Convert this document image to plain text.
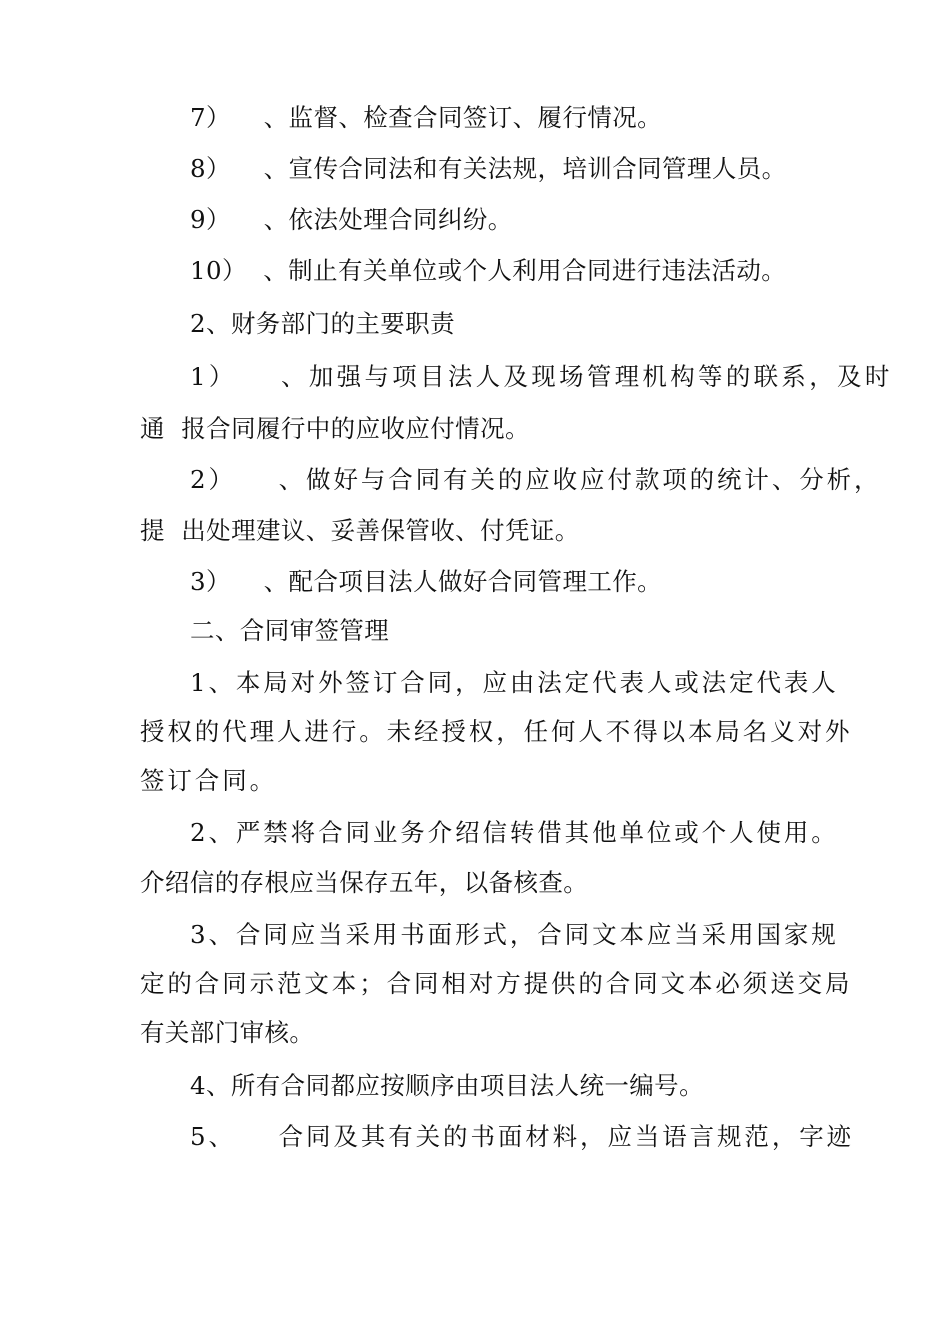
7）    、监督、检查合同签订、履行情况。
8）    、宣传合同法和有关法规，培训合同管理人员。
9）    、依法处理合同纠纷。
10）  、制止有关单位或个人利用合同进行违法活动。
2、财务部门的主要职责
1）    、加强与项目法人及现场管理机构等的联系，及时
通  报合同履行中的应收应付情况。
2）    、做好与合同有关的应收应付款项的统计、分析，
提  出处理建议、妥善保管收、付凭证。
3）    、配合项目法人做好合同管理工作。
二、合同审签管理
1、本局对外签订合同，应由法定代表人或法定代表人
授权的代理人进行。未经授权，任何人不得以本局名义对外
签订合同。
2、严禁将合同业务介绍信转借其他单位或个人使用。
介绍信的存根应当保存五年，以备核查。
3、合同应当采用书面形式，合同文本应当采用国家规
定的合同示范文本；合同相对方提供的合同文本必须送交局
有关部门审核。
4、所有合同都应按顺序由项目法人统一编号。
5、    合同及其有关的书面材料，应当语言规范，字迹
